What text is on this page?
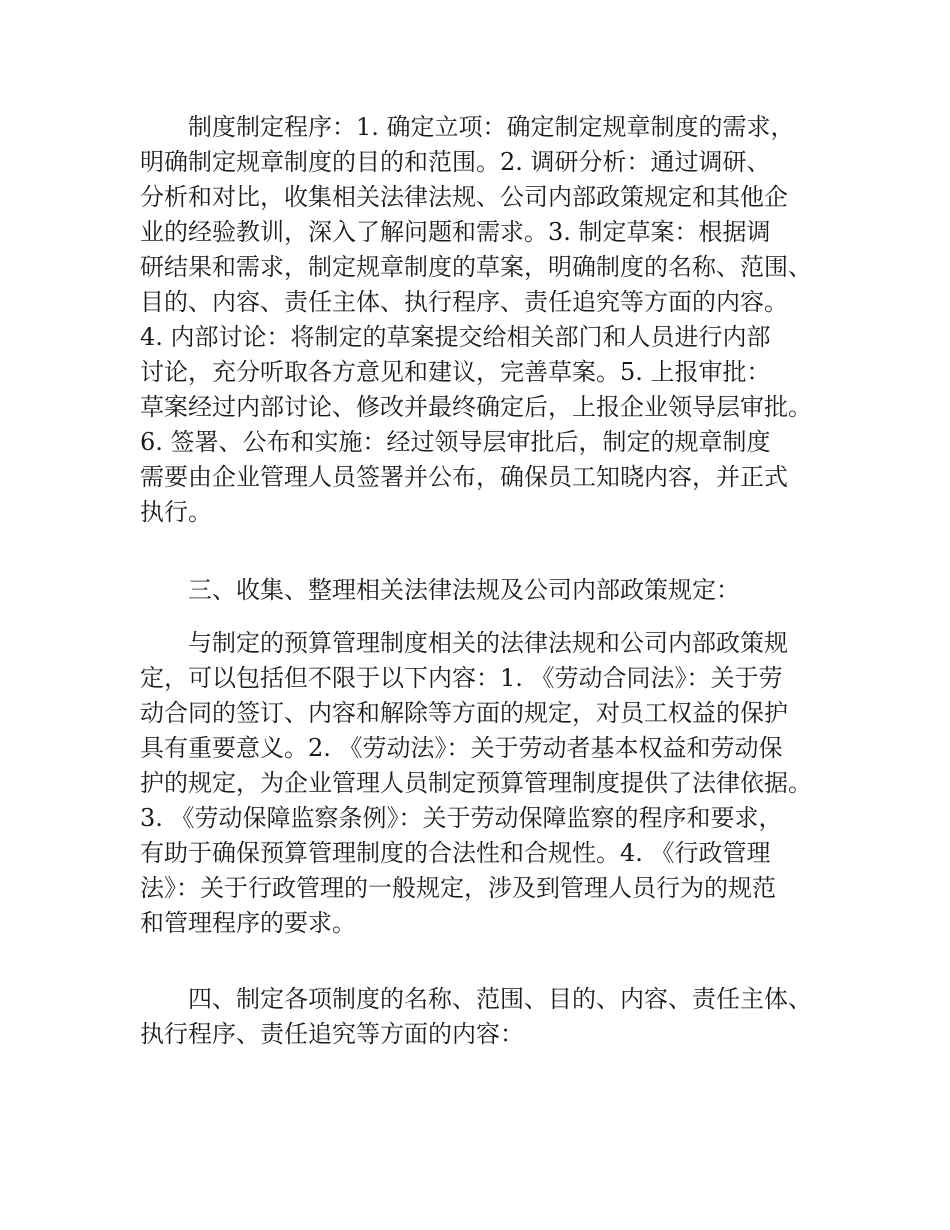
制度制定程序：1. 确定立项：确定制定规章制度的需求，
明确制定规章制度的目的和范围。2. 调研分析：通过调研、
分析和对比，收集相关法律法规、公司内部政策规定和其他企
业的经验教训，深入了解问题和需求。3. 制定草案：根据调
研结果和需求，制定规章制度的草案，明确制度的名称、范围、
目的、内容、责任主体、执行程序、责任追究等方面的内容。
4. 内部讨论：将制定的草案提交给相关部门和人员进行内部
讨论，充分听取各方意见和建议，完善草案。5. 上报审批：
草案经过内部讨论、修改并最终确定后，上报企业领导层审批。
6. 签署、公布和实施：经过领导层审批后，制定的规章制度
需要由企业管理人员签署并公布，确保员工知晓内容，并正式
执行。
三、收集、整理相关法律法规及公司内部政策规定：
与制定的预算管理制度相关的法律法规和公司内部政策规
定，可以包括但不限于以下内容：1. 《劳动合同法》：关于劳
动合同的签订、内容和解除等方面的规定，对员工权益的保护
具有重要意义。2. 《劳动法》：关于劳动者基本权益和劳动保
护的规定，为企业管理人员制定预算管理制度提供了法律依据。
3. 《劳动保障监察条例》：关于劳动保障监察的程序和要求，
有助于确保预算管理制度的合法性和合规性。4. 《行政管理
法》：关于行政管理的一般规定，涉及到管理人员行为的规范
和管理程序的要求。
四、制定各项制度的名称、范围、目的、内容、责任主体、
执行程序、责任追究等方面的内容：
